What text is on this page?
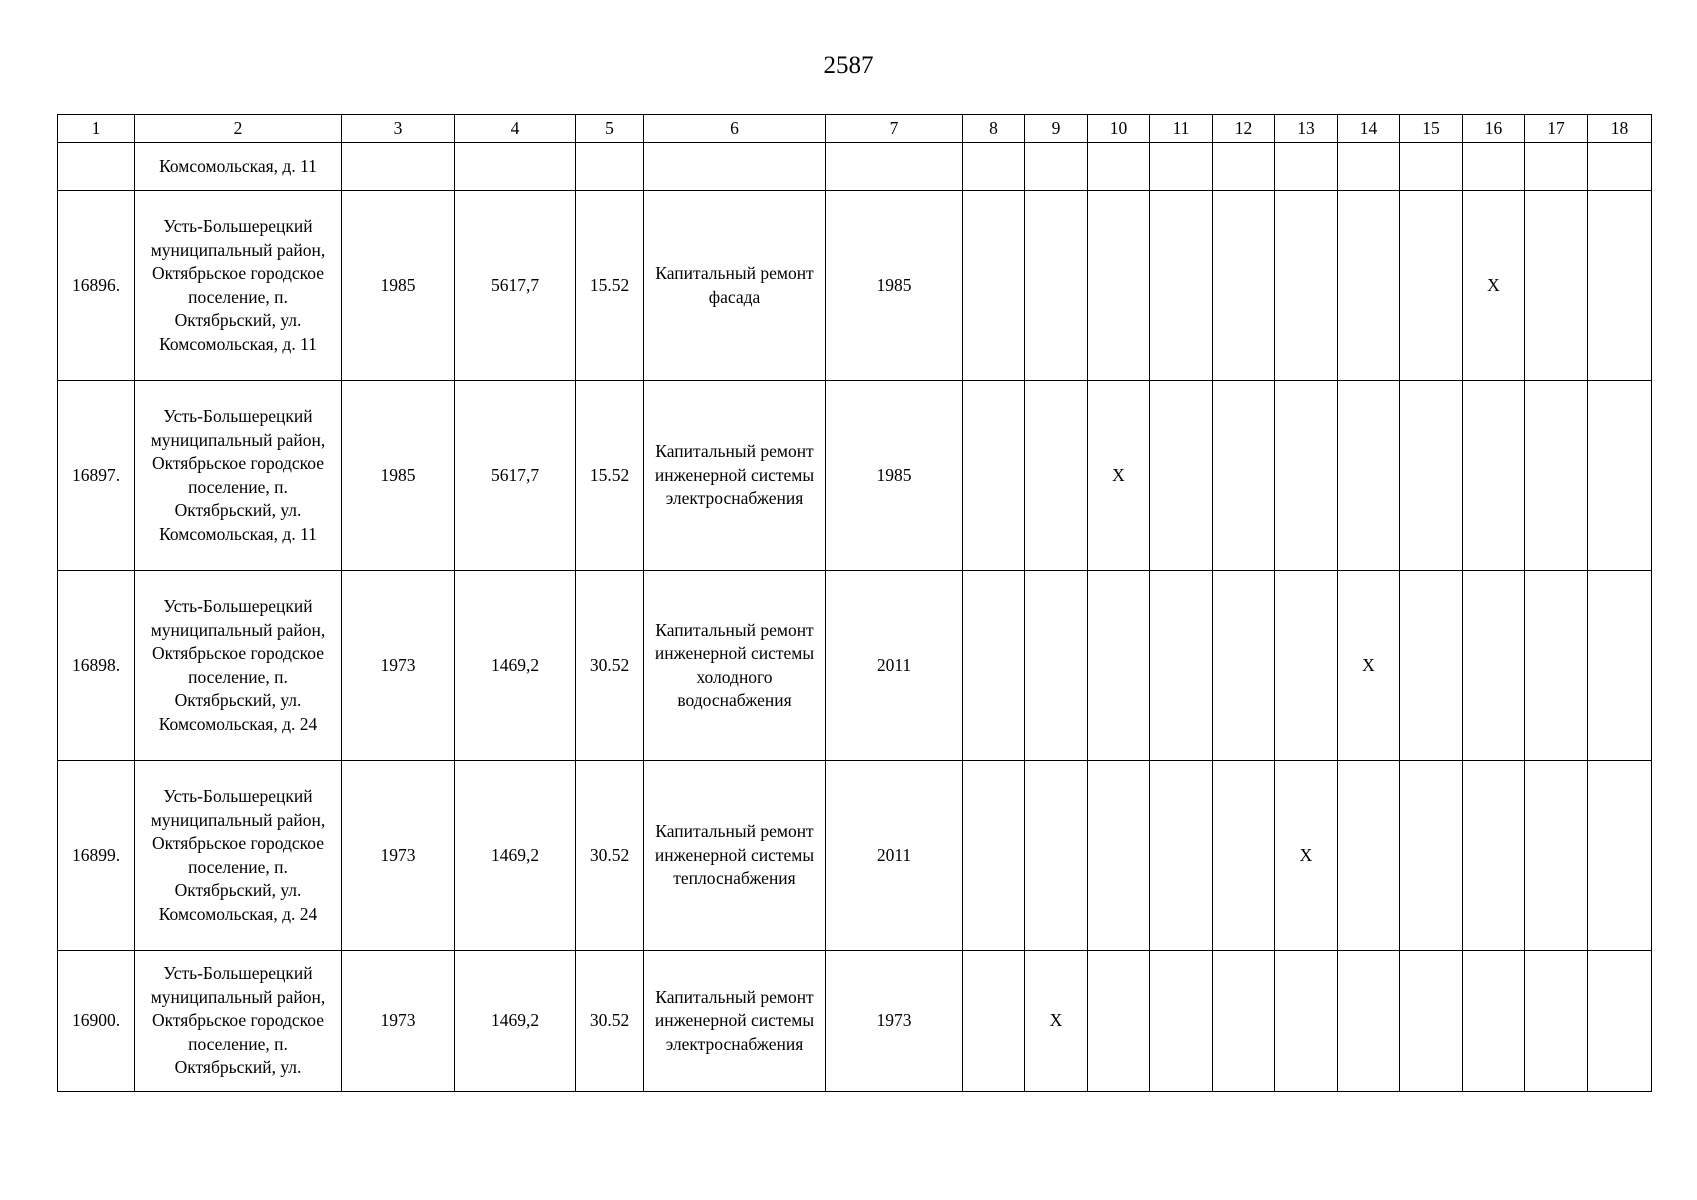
2587
1	2	3	4	5	6	7	8	9	10	11	12	13	14	15	16	17	18	
	Комсомольская, д. 11																	
16896.	Усть-Большерецкий муниципальный район, Октябрьское городское поселение, п. Октябрьский, ул. Комсомольская, д. 11	1985	5617,7	15.52	Капитальный ремонт фасада	1985									X			
16897.	Усть-Большерецкий муниципальный район, Октябрьское городское поселение, п. Октябрьский, ул. Комсомольская, д. 11	1985	5617,7	15.52	Капитальный ремонт инженерной системы электроснабжения	1985			X									
16898.	Усть-Большерецкий муниципальный район, Октябрьское городское поселение, п. Октябрьский, ул. Комсомольская, д. 24	1973	1469,2	30.52	Капитальный ремонт инженерной системы холодного водоснабжения	2011							X					
16899.	Усть-Большерецкий муниципальный район, Октябрьское городское поселение, п. Октябрьский, ул. Комсомольская, д. 24	1973	1469,2	30.52	Капитальный ремонт инженерной системы теплоснабжения	2011						X						
16900.	Усть-Большерецкий муниципальный район, Октябрьское городское поселение, п. Октябрьский, ул.	1973	1469,2	30.52	Капитальный ремонт инженерной системы электроснабжения	1973		X										
